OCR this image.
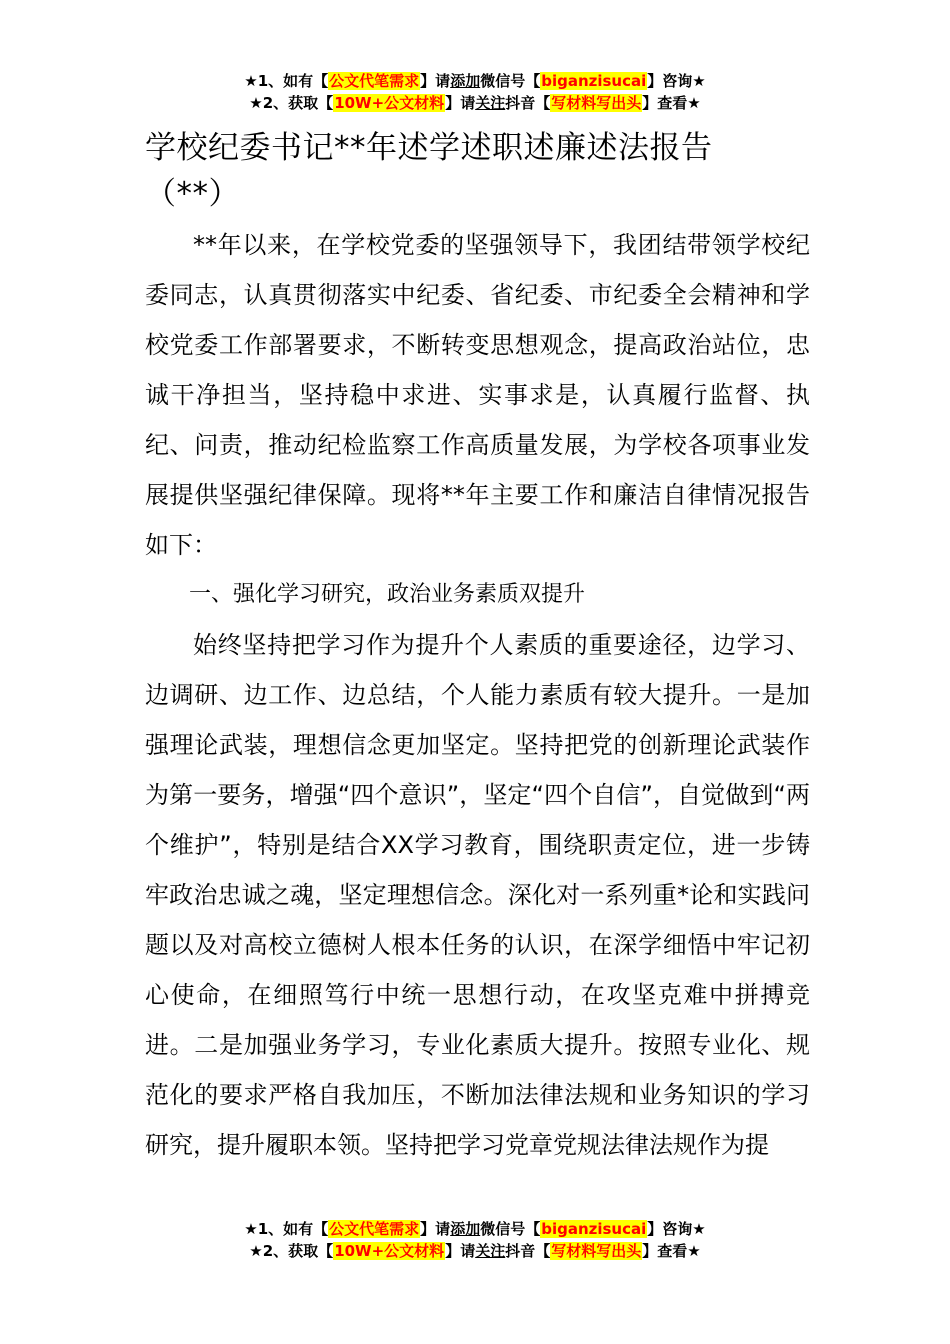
★1、如有【公文代笔需求】请添加微信号【biganzisucai】咨询★
★2、获取【10W+公文材料】请关注抖音【写材料写出头】查看★
学校纪委书记**年述学述职述廉述法报告
（**）

**年以来，在学校党委的坚强领导下，我团结带领学校纪委同志，认真贯彻落实中纪委、省纪委、市纪委全会精神和学校党委工作部署要求，不断转变思想观念，提高政治站位，忠诚干净担当，坚持稳中求进、实事求是，认真履行监督、执纪、问责，推动纪检监察工作高质量发展，为学校各项事业发展提供坚强纪律保障。现将**年主要工作和廉洁自律情况报告如下：

一、强化学习研究，政治业务素质双提升

始终坚持把学习作为提升个人素质的重要途径，边学习、边调研、边工作、边总结，个人能力素质有较大提升。一是加强理论武装，理想信念更加坚定。坚持把党的创新理论武装作为第一要务，增强“四个意识”，坚定“四个自信”，自觉做到“两个维护”，特别是结合XX学习教育，围绕职责定位，进一步铸牢政治忠诚之魂，坚定理想信念。深化对一系列重*论和实践问题以及对高校立德树人根本任务的认识，在深学细悟中牢记初心使命，在细照笃行中统一思想行动，在攻坚克难中拼搏竞进。二是加强业务学习，专业化素质大提升。按照专业化、规范化的要求严格自我加压，不断加法律法规和业务知识的学习研究，提升履职本领。坚持把学习党章党规法律法规作为提

★1、如有【公文代笔需求】请添加微信号【biganzisucai】咨询★
★2、获取【10W+公文材料】请关注抖音【写材料写出头】查看★
